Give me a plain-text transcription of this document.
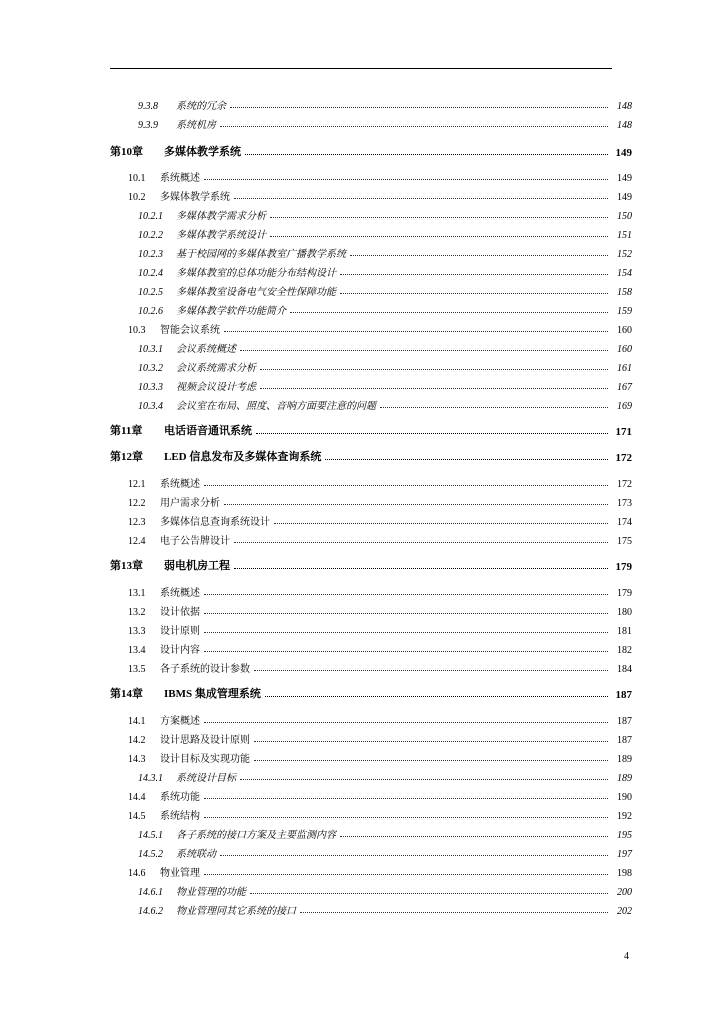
9.3.8	系统的冗余	148
9.3.9	系统机房	148
第10章	多媒体教学系统	149
10.1	系统概述	149
10.2	多媒体教学系统	149
10.2.1	多媒体教学需求分析	150
10.2.2	多媒体教学系统设计	151
10.2.3	基于校园网的多媒体教室广播教学系统	152
10.2.4	多媒体教室的总体功能分布结构设计	154
10.2.5	多媒体教室设备电气安全性保障功能	158
10.2.6	多媒体教学软件功能简介	159
10.3	智能会议系统	160
10.3.1	会议系统概述	160
10.3.2	会议系统需求分析	161
10.3.3	视频会议设计考虑	167
10.3.4	会议室在布局、照度、音响方面要注意的问题	169
第11章	电话语音通讯系统	171
第12章	LED 信息发布及多媒体查询系统	172
12.1	系统概述	172
12.2	用户需求分析	173
12.3	多媒体信息查询系统设计	174
12.4	电子公告牌设计	175
第13章	弱电机房工程	179
13.1	系统概述	179
13.2	设计依据	180
13.3	设计原则	181
13.4	设计内容	182
13.5	各子系统的设计参数	184
第14章	IBMS 集成管理系统	187
14.1	方案概述	187
14.2	设计思路及设计原则	187
14.3	设计目标及实现功能	189
14.3.1	系统设计目标	189
14.4	系统功能	190
14.5	系统结构	192
14.5.1	各子系统的接口方案及主要监测内容	195
14.5.2	系统联动	197
14.6	物业管理	198
14.6.1	物业管理的功能	200
14.6.2	物业管理同其它系统的接口	202
4
